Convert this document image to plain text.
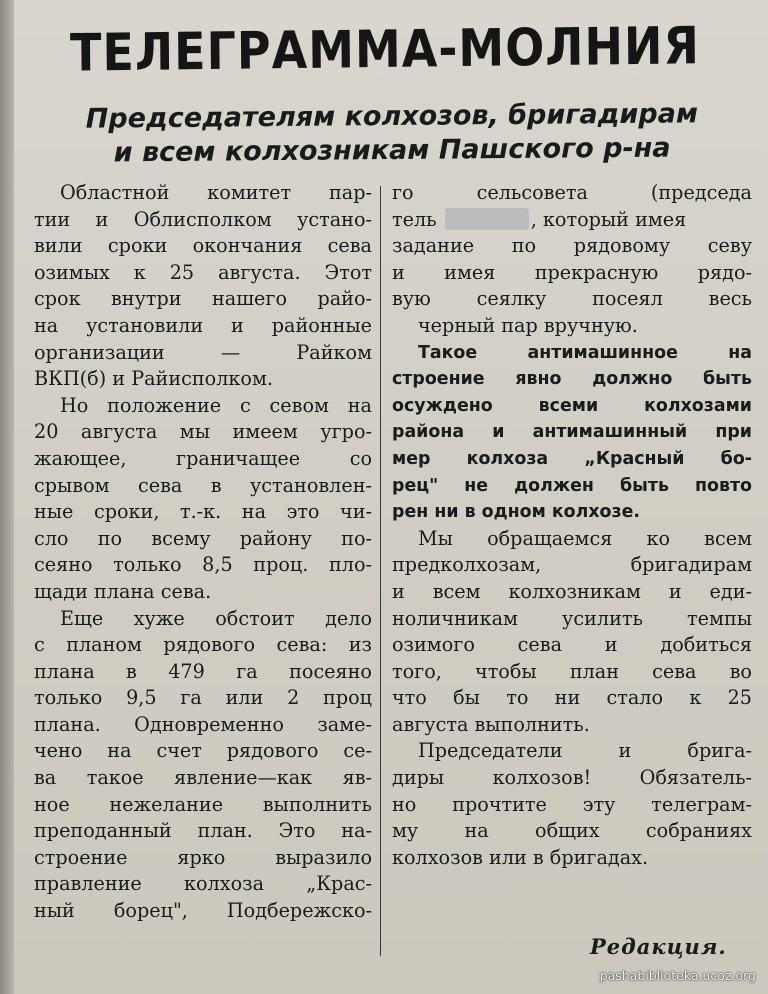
ТЕЛЕГРАММА-МОЛНИЯ
Председателям колхозов, бригадирам
и всем колхозникам Пашского р-на
Областной комитет пар-
тии и Облисполком устано-
вили сроки окончания сева
озимых к 25 августа. Этот
срок внутри нашего райо-
на установили и районные
организации — Райком
ВКП(б) и Райисполком.
Но положение с севом на
20 августа мы имеем угро-
жающее, граничащее со
срывом сева в установлен-
ные сроки, т.-к. на это чи-
сло по всему району по-
сеяно только 8,5 проц. пло-
щади плана сева.
Еще хуже обстоит дело
с планом рядового сева: из
плана в 479 га посеяно
только 9,5 га или 2 проц
плана. Одновременно заме-
чено на счет рядового се-
ва такое явление—как яв-
ное нежелание выполнить
преподанный план. Это на-
строение ярко выразило
правление колхоза „Крас-
ный борец", Подбережско-
го сельсовета (председа
тель	, который имея
задание по рядовому севу
и имея прекрасную рядо-
вую сеялку посеял весь
черный пар вручную.
Такое антимашинное на
строение явно должно быть
осуждено всеми колхозами
района и антимашинный при
мер колхоза „Красный бо-
рец" не должен быть повто
рен ни в одном колхозе.
Мы обращаемся ко всем
предколхозам, бригадирам
и всем колхозникам и еди-
ноличникам усилить темпы
озимого сева и добиться
того, чтобы план сева во
что бы то ни стало к 25
августа выполнить.
Председатели и брига-
диры колхозов! Обязатель-
но прочтите эту телеграм-
му на общих собраниях
колхозов или в бригадах.
Редакция.
pashabiblioteka.ucoz.org
